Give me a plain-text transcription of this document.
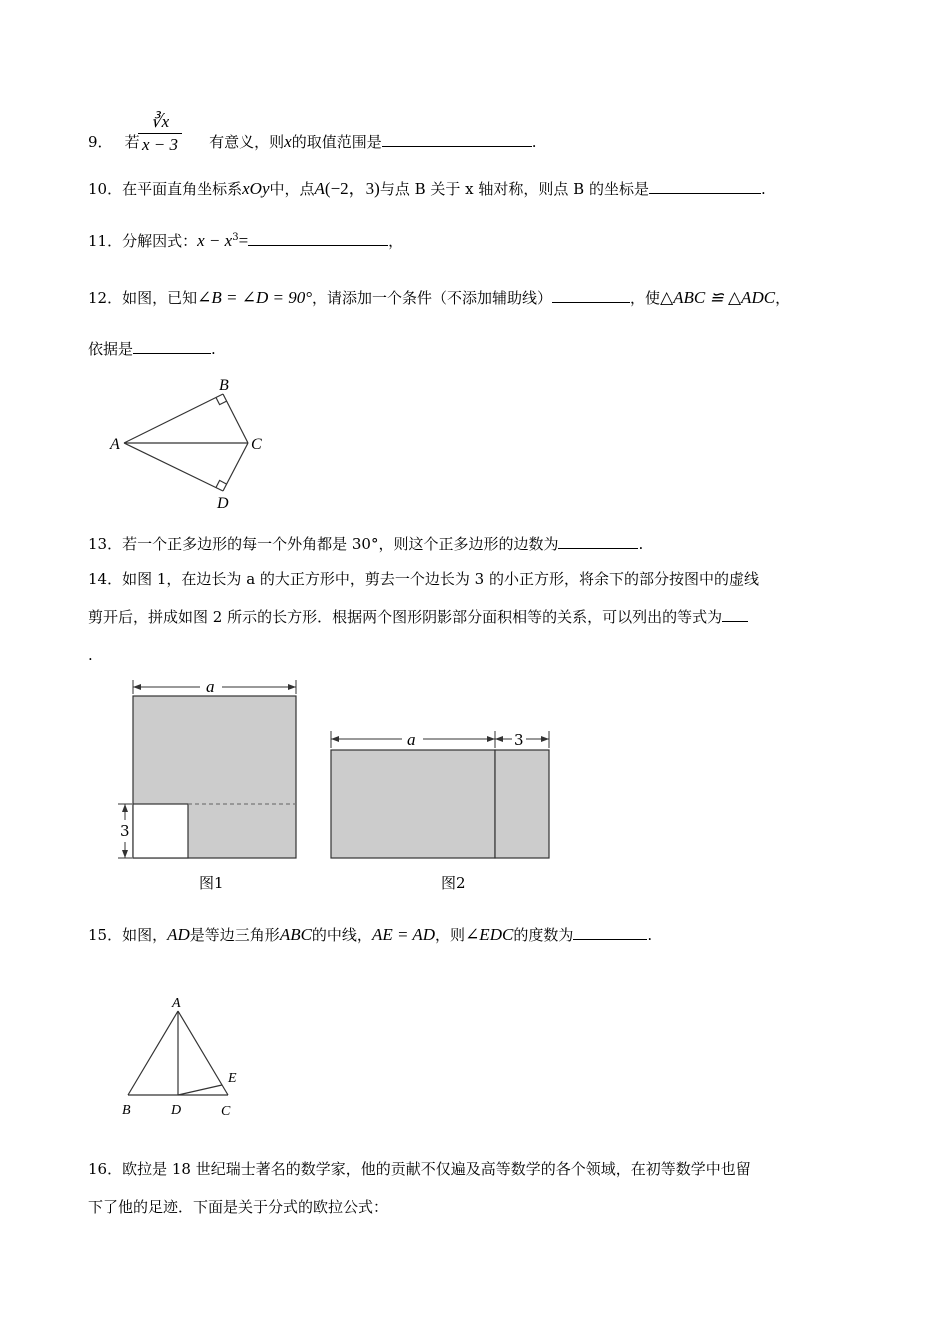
9． 若	有意义，则x的取值范围是	.
∛x
x − 3
10．在平面直角坐标系xOy中，点A(−2，3)与点 B 关于 x 轴对称，则点 B 的坐标是	.
11．分解因式：$x - x^3=$	，
12．如图，已知∠B = ∠D = 90°，请添加一个条件（不添加辅助线）	，使△ABC ≌ △ADC，
依据是	.
A
B
C
D
13．若一个正多边形的每一个外角都是 30°，则这个正多边形的边数为	.
14．如图 1，在边长为 a 的大正方形中，剪去一个边长为 3 的小正方形，将余下的部分按图中的虚线
剪开后，拼成如图 2 所示的长方形．根据两个图形阴影部分面积相等的关系，可以列出的等式为
.
a
3
图1
a	3
图2
15．如图，AD是等边三角形ABC的中线，AE = AD，则∠EDC的度数为	.
A
B	D	C
E
16．欧拉是 18 世纪瑞士著名的数学家，他的贡献不仅遍及高等数学的各个领域，在初等数学中也留
下了他的足迹．下面是关于分式的欧拉公式：
